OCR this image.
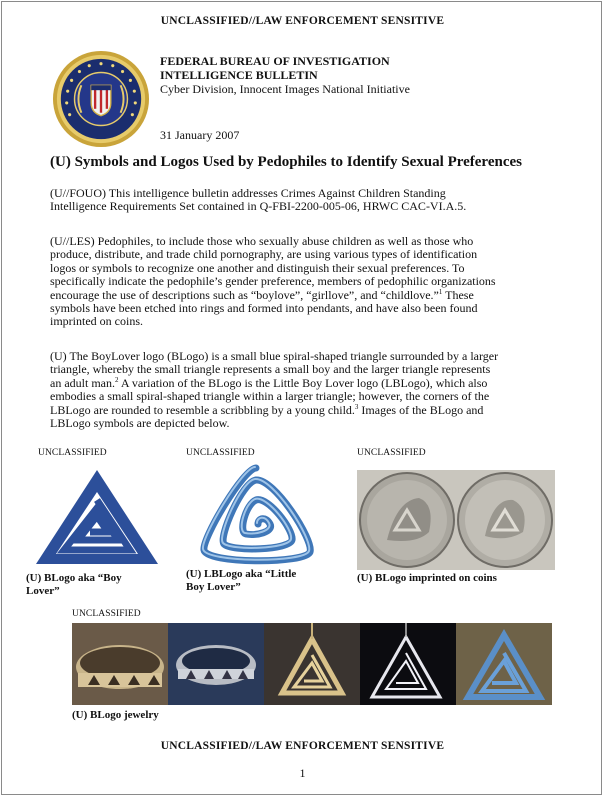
UNCLASSIFIED//LAW ENFORCEMENT SENSITIVE
FEDERAL BUREAU OF INVESTIGATION
INTELLIGENCE BULLETIN
Cyber Division, Innocent Images National Initiative
31 January 2007
(U) Symbols and Logos Used by Pedophiles to Identify Sexual Preferences
(U//FOUO) This intelligence bulletin addresses Crimes Against Children Standing
Intelligence Requirements Set contained in Q-FBI-2200-005-06, HRWC CAC-VI.A.5.
(U//LES) Pedophiles, to include those who sexually abuse children as well as those who
produce, distribute, and trade child pornography, are using various types of identification
logos or symbols to recognize one another and distinguish their sexual preferences. To
specifically indicate the pedophile’s gender preference, members of pedophilic organizations
encourage the use of descriptions such as “boylove”, “girllove”, and “childlove.”$^1$ These
symbols have been etched into rings and formed into pendants, and have also been found
imprinted on coins.
(U) The BoyLover logo (BLogo) is a small blue spiral-shaped triangle surrounded by a larger
triangle, whereby the small triangle represents a small boy and the larger triangle represents
an adult man.$^2$ A variation of the BLogo is the Little Boy Lover logo (LBLogo), which also
embodies a small spiral-shaped triangle within a larger triangle; however, the corners of the
LBLogo are rounded to resemble a scribbling by a young child.$^3$ Images of the BLogo and
LBLogo symbols are depicted below.
UNCLASSIFIED	UNCLASSIFIED	UNCLASSIFIED
(U) BLogo aka “Boy
Lover”
(U) LBLogo aka “Little
Boy Lover”
(U) BLogo imprinted on coins
UNCLASSIFIED
(U) BLogo jewelry
UNCLASSIFIED//LAW ENFORCEMENT SENSITIVE
1
